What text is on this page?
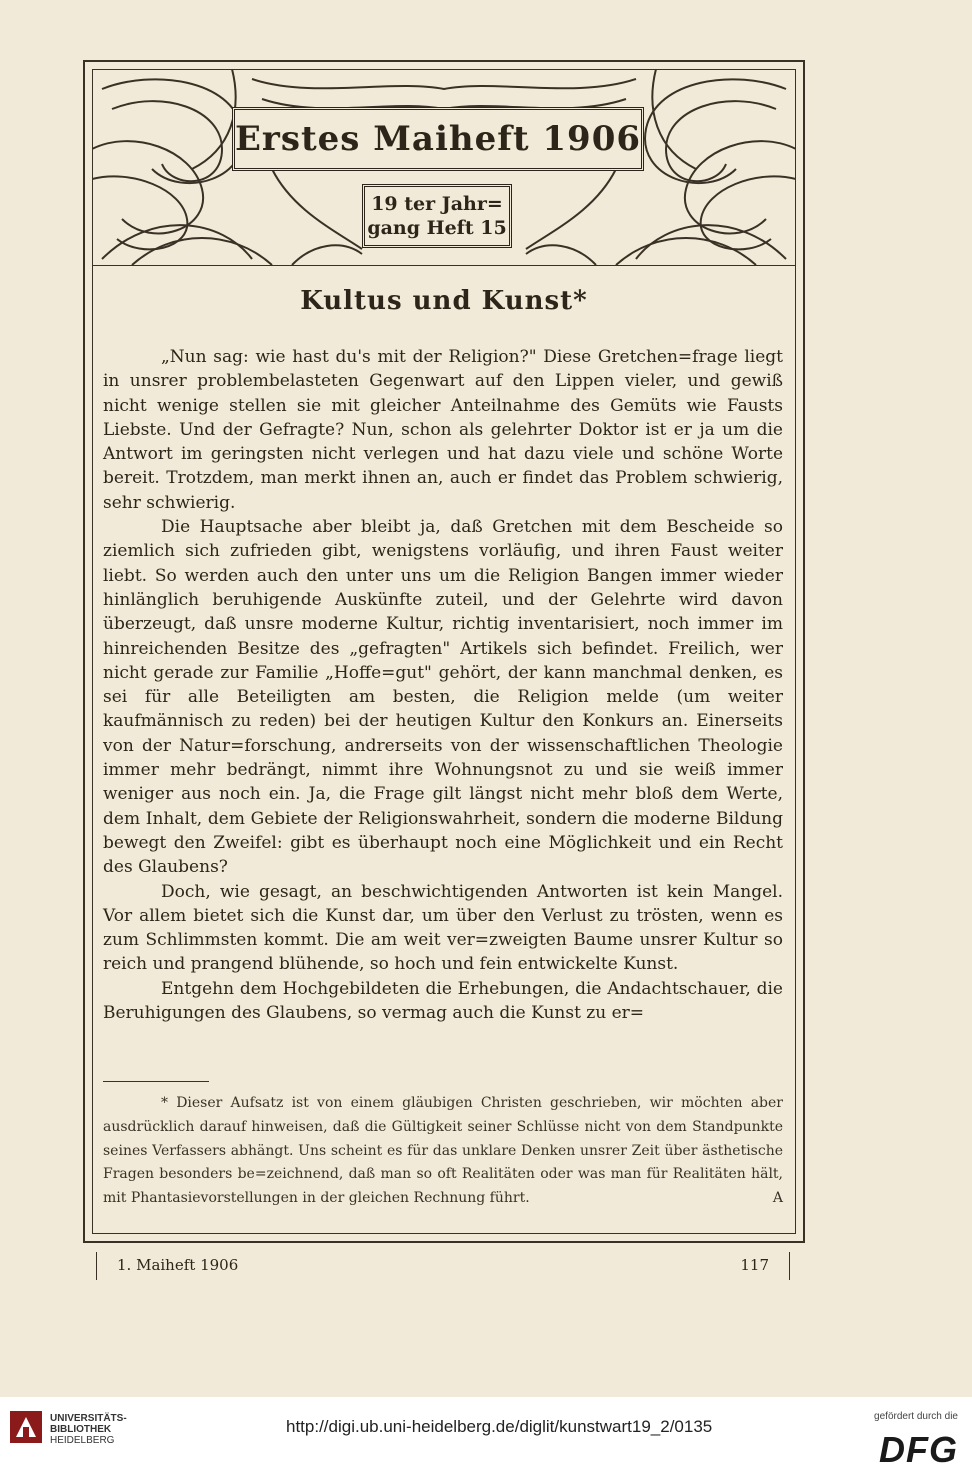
Erstes Maiheft 1906
19 ter Jahr=
gang Heft 15
Kultus und Kunst*

„Nun sag: wie hast du's mit der Religion?" Diese Gretchen=frage liegt in unsrer problembelasteten Gegenwart auf den Lippen vieler, und gewiß nicht wenige stellen sie mit gleicher Anteilnahme des Gemüts wie Fausts Liebste. Und der Gefragte? Nun, schon als gelehrter Doktor ist er ja um die Antwort im geringsten nicht verlegen und hat dazu viele und schöne Worte bereit. Trotzdem, man merkt ihnen an, auch er findet das Problem schwierig, sehr schwierig.

Die Hauptsache aber bleibt ja, daß Gretchen mit dem Bescheide so ziemlich sich zufrieden gibt, wenigstens vorläufig, und ihren Faust weiter liebt. So werden auch den unter uns um die Religion Bangen immer wieder hinlänglich beruhigende Auskünfte zuteil, und der Gelehrte wird davon überzeugt, daß unsre moderne Kultur, richtig inventarisiert, noch immer im hinreichenden Besitze des „gefragten" Artikels sich befindet. Freilich, wer nicht gerade zur Familie „Hoffe=gut" gehört, der kann manchmal denken, es sei für alle Beteiligten am besten, die Religion melde (um weiter kaufmännisch zu reden) bei der heutigen Kultur den Konkurs an. Einerseits von der Natur=forschung, andrerseits von der wissenschaftlichen Theologie immer mehr bedrängt, nimmt ihre Wohnungsnot zu und sie weiß immer weniger aus noch ein. Ja, die Frage gilt längst nicht mehr bloß dem Werte, dem Inhalt, dem Gebiete der Religionswahrheit, sondern die moderne Bildung bewegt den Zweifel: gibt es überhaupt noch eine Möglichkeit und ein Recht des Glaubens?

Doch, wie gesagt, an beschwichtigenden Antworten ist kein Mangel. Vor allem bietet sich die Kunst dar, um über den Verlust zu trösten, wenn es zum Schlimmsten kommt. Die am weit ver=zweigten Baume unsrer Kultur so reich und prangend blühende, so hoch und fein entwickelte Kunst.

Entgehn dem Hochgebildeten die Erhebungen, die Andachtschauer, die Beruhigungen des Glaubens, so vermag auch die Kunst zu er=

* Dieser Aufsatz ist von einem gläubigen Christen geschrieben, wir möchten aber ausdrücklich darauf hinweisen, daß die Gültigkeit seiner Schlüsse nicht von dem Standpunkte seines Verfassers abhängt. Uns scheint es für das unklare Denken unsrer Zeit über ästhetische Fragen besonders be=zeichnend, daß man so oft Realitäten oder was man für Realitäten hält, mit Phantasievorstellungen in der gleichen Rechnung führt.	A

1. Maiheft 1906	117
UNIVERSITÄTS-
BIBLIOTHEK
HEIDELBERG
http://digi.ub.uni-heidelberg.de/diglit/kunstwart19_2/0135
gefördert durch die
DFG
